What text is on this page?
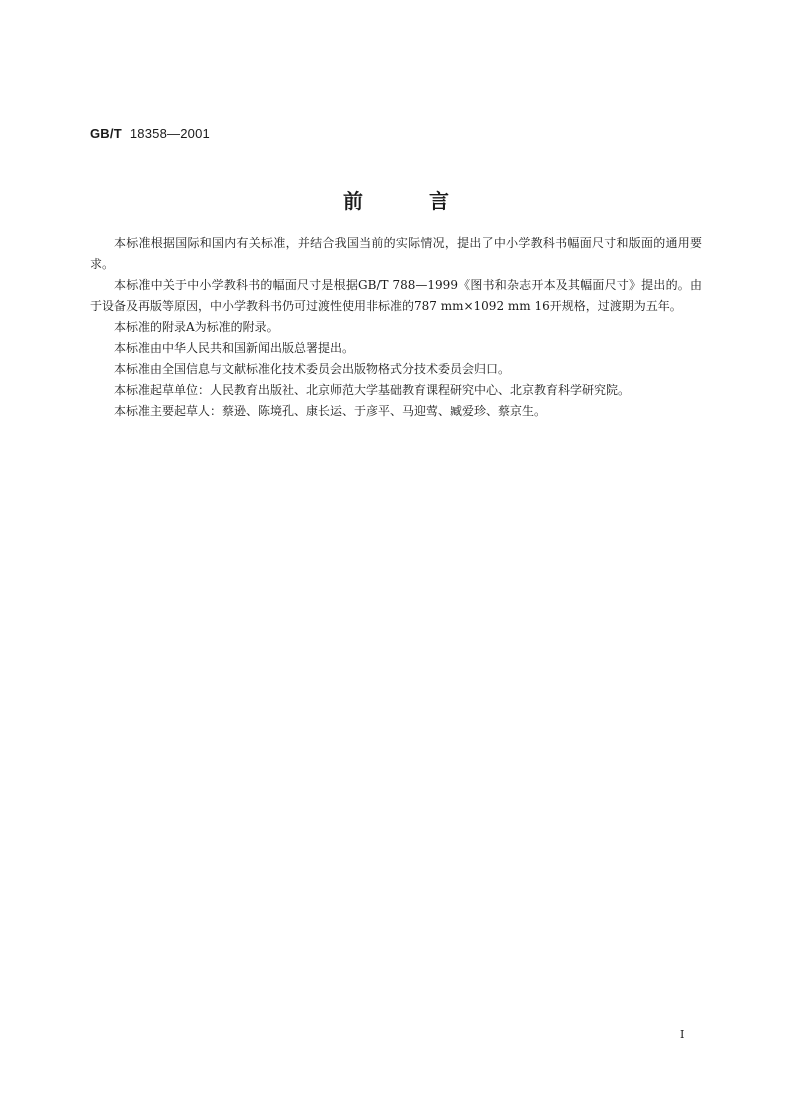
GB/T 18358—2001
前	言

本标准根据国际和国内有关标准，并结合我国当前的实际情况，提出了中小学教科书幅面尺寸和版面的通用要求。

本标准中关于中小学教科书的幅面尺寸是根据GB/T 788—1999《图书和杂志开本及其幅面尺寸》提出的。由于设备及再版等原因，中小学教科书仍可过渡性使用非标准的787 mm×1092 mm 16开规格，过渡期为五年。

本标准的附录A为标准的附录。

本标准由中华人民共和国新闻出版总署提出。

本标准由全国信息与文献标准化技术委员会出版物格式分技术委员会归口。

本标准起草单位：人民教育出版社、北京师范大学基础教育课程研究中心、北京教育科学研究院。

本标准主要起草人：蔡逊、陈境孔、康长运、于彦平、马迎莺、臧爱珍、蔡京生。

I
